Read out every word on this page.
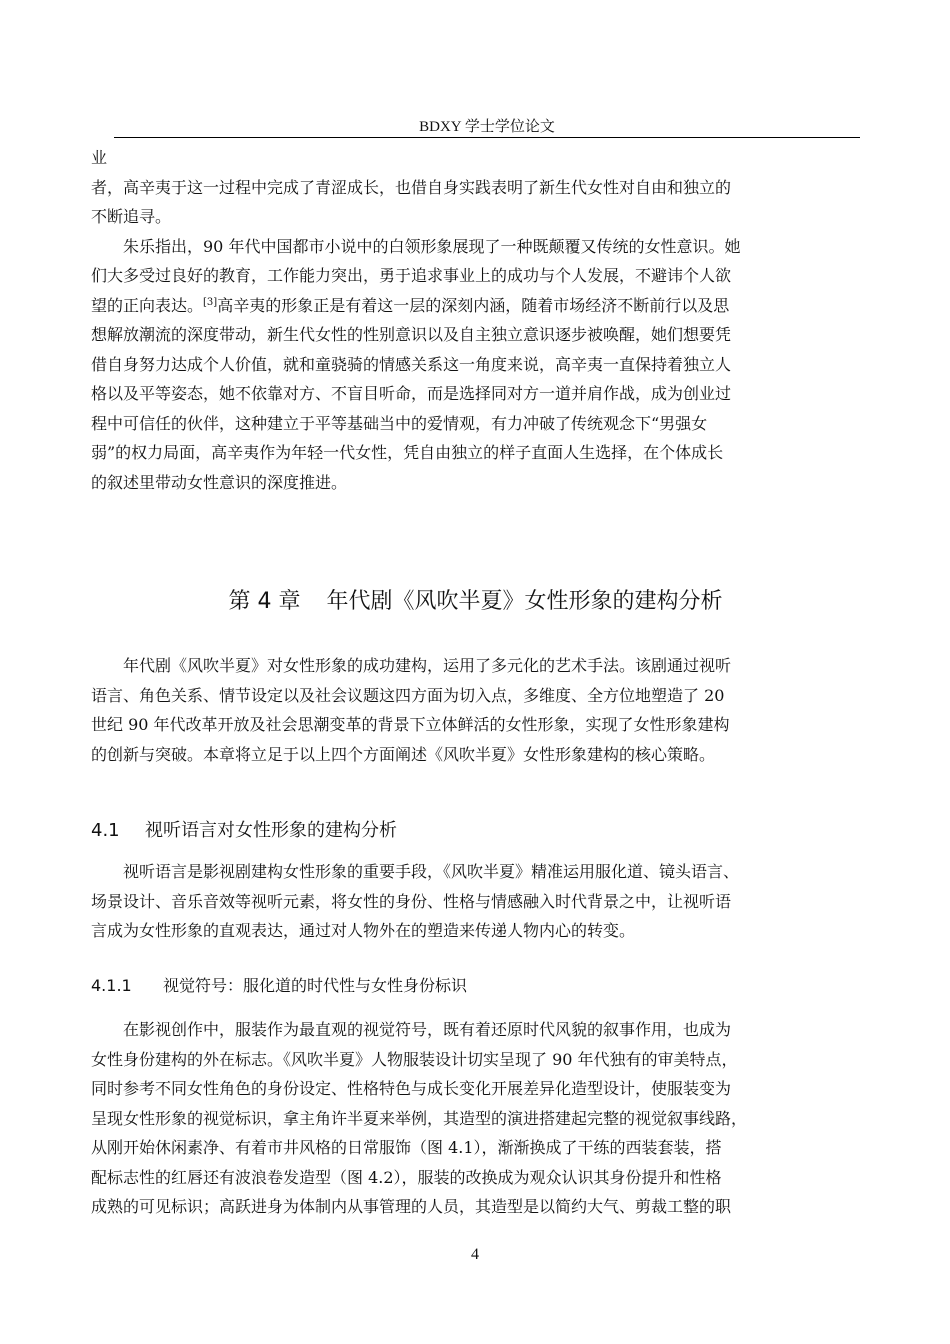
BDXY 学士学位论文

业
者，高辛夷于这一过程中完成了青涩成长，也借自身实践表明了新生代女性对自由和独立的
不断追寻。

朱乐指出，90 年代中国都市小说中的白领形象展现了一种既颠覆又传统的女性意识。她
们大多受过良好的教育，工作能力突出，勇于追求事业上的成功与个人发展，不避讳个人欲
望的正向表达。[3]高辛夷的形象正是有着这一层的深刻内涵，随着市场经济不断前行以及思
想解放潮流的深度带动，新生代女性的性别意识以及自主独立意识逐步被唤醒，她们想要凭
借自身努力达成个人价值，就和童骁骑的情感关系这一角度来说，高辛夷一直保持着独立人
格以及平等姿态，她不依靠对方、不盲目听命，而是选择同对方一道并肩作战，成为创业过
程中可信任的伙伴，这种建立于平等基础当中的爱情观，有力冲破了传统观念下“男强女
弱”的权力局面，高辛夷作为年轻一代女性，凭自由独立的样子直面人生选择，在个体成长
的叙述里带动女性意识的深度推进。

第 4 章 年代剧《风吹半夏》女性形象的建构分析

年代剧《风吹半夏》对女性形象的成功建构，运用了多元化的艺术手法。该剧通过视听
语言、角色关系、情节设定以及社会议题这四方面为切入点，多维度、全方位地塑造了 20
世纪 90 年代改革开放及社会思潮变革的背景下立体鲜活的女性形象，实现了女性形象建构
的创新与突破。本章将立足于以上四个方面阐述《风吹半夏》女性形象建构的核心策略。

4.1 视听语言对女性形象的建构分析

视听语言是影视剧建构女性形象的重要手段，《风吹半夏》精准运用服化道、镜头语言、
场景设计、音乐音效等视听元素，将女性的身份、性格与情感融入时代背景之中，让视听语
言成为女性形象的直观表达，通过对人物外在的塑造来传递人物内心的转变。

4.1.1 视觉符号：服化道的时代性与女性身份标识

在影视创作中，服装作为最直观的视觉符号，既有着还原时代风貌的叙事作用，也成为
女性身份建构的外在标志。《风吹半夏》人物服装设计切实呈现了 90 年代独有的审美特点，
同时参考不同女性角色的身份设定、性格特色与成长变化开展差异化造型设计，使服装变为
呈现女性形象的视觉标识，拿主角许半夏来举例，其造型的演进搭建起完整的视觉叙事线路，
从刚开始休闲素净、有着市井风格的日常服饰（图 4.1），渐渐换成了干练的西装套装，搭
配标志性的红唇还有波浪卷发造型（图 4.2），服装的改换成为观众认识其身份提升和性格
成熟的可见标识；高跃进身为体制内从事管理的人员，其造型是以简约大气、剪裁工整的职

4
